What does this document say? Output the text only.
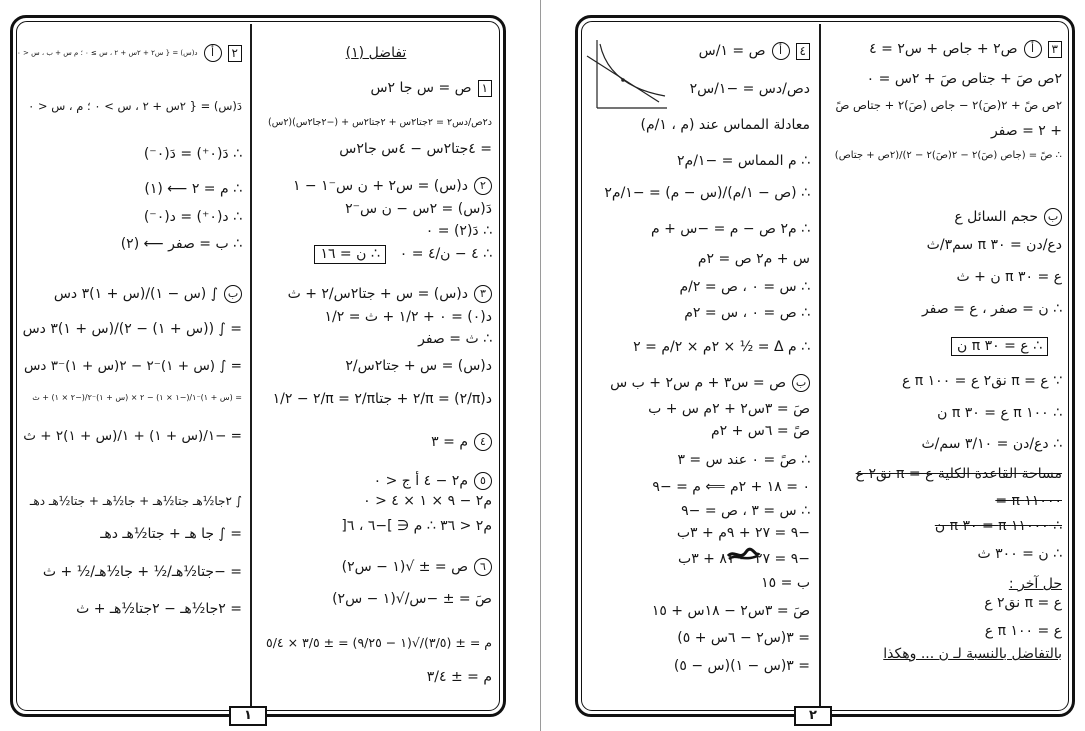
١	٢
تفاضل (١)
١ص = س جا ٢س
د٢ص/دس٢ = ٢جتا٢س + ٢جتا٢س + (−٢جا٢س)(٢س)
= ٤جتا٢س − ٤س جا٢س
٢د(س) = س٢ + ن س⁻١ − ١
دَ(س) = ٢س − ن س⁻٢
∴ دَ(٢) = ٠
∴ ٤ − ن/٤ = ٠∴ ن = ١٦
٣د(س) = س + جتا٢س/٢ + ث
د(٠) = ٠ + ١/٢ + ث = ١/٢
∴ ث = صفر
د(س) = س + جتا٢س/٢
د(π/٢) = π/٢ + جتاπ/٢ = π/٢ − ١/٢
٤م = ٣
٥م٢ − ٤ أ ج < ٠
م٢ − ٩ × ١ × ٤ < ٠
م٢ < ٣٦ ∴ م ∈ ]−٦ ، ٦[
٦ص = ± √(١ − س٢)
صَ = ± −س/√(١ − س٢)
م = ± (٣/٥)/√(١ − ٩/٢٥) = ± ٣/٥ × ٥/٤
م = ± ٣/٤
٢أد(س) = { س٢ + ٢س + ٢ ، س ≥ ٠ ؛ م س + ب ، س < ٠
دَ(س) = { ٢س + ٢ ، س > ٠ ؛ م ، س < ٠
∴ دَ(٠⁺) = دَ(٠⁻)
∴ م = ٢ ⟵ (١)
∴ د(٠⁺) = د(٠⁻)
∴ ب = صفر ⟵ (٢)
ب∫ (س − ١)/(س + ١)٣ دس
= ∫ ((س + ١) − ٢)/(س + ١)٣ دس
= ∫ (س + ١)⁻٢ − ٢(س + ١)⁻٣ دس
= (س + ١)⁻١/(−١ × ١) − ٢ × (س + ١)⁻٢/(−٢ × ١) + ث
= −١/(س + ١) + ١/(س + ١)٢ + ث
∫ ٢جا½هـ جتا½هـ + جا½هـ + جتا½هـ دهـ
= ∫ جا هـ + جتا½هـ دهـ
= −جتا½هـ/½ + جا½هـ/½ + ث
= ٢جا½هـ − ٢جتا½هـ + ث
٣أص٢ + جاص + س٢ = ٤
٢ص صَ + جتاص صَ + ٢س = ٠
٢ص صً + ٢(صَ)٢ − جاص (صَ)٢ + جتاص صً
+ ٢ = صفر
∴ صً = (جاص (صَ)٢ − ٢(صَ)٢ − ٢)/(٢ص + جتاص)
بحجم السائل ع
دع/دن = ٣٠ π سم٣/ث
ع = ٣٠ π ن + ث
∴ ن = صفر ، ع = صفر
∴ ع = ٣٠ π ن
∵ ع = π نق٢ ع = ١٠٠ π ع
∴ ١٠٠ π ع = ٣٠ π ن
∴ دع/دن = ٣/١٠ سم/ث
مساحة القاعدة الكلية ع = π نق٢ ع
١١٠٠٠ π =
∴ ١١٠٠٠ π = ٣٠ π ن
∴ ن = ٣٠٠ ث
حل آخر :
ع = π نق٢ ع
ع = ١٠٠ π ع
بالتفاضل بالنسبة لـ ن ... وهكذا
٤أص = ١/س
دص/دس = −١/س٢
معادلة المماس عند (م ، ١/م)
∴ م المماس = −١/م٢
∴ (ص − ١/م)/(س − م) = −١/م٢
∴ م٢ ص − م = −س + م
س + م٢ ص = ٢م
∴ س = ٠ ، ص = ٢/م
∴ ص = ٠ ، س = ٢م
∴ م Δ = ½ × ٢م × ٢/م = ٢
بص = س٣ + م س٢ + ب س
صَ = ٣س٢ + ٢م س + ب
صً = ٦س + ٢م
∴ صً = ٠ عند س = ٣
٠ = ١٨ + ٢م ⟸ م = −٩
∴ س = ٣ ، ص = −٩
−٩ = ٢٧ + ٩م + ٣ب
−٩ = ٢٧ − ٨١ + ٣ب
ب = ١٥
صَ = ٣س٢ − ١٨س + ١٥
= ٣(س٢ − ٦س + ٥)
= ٣(س − ١)(س − ٥)
